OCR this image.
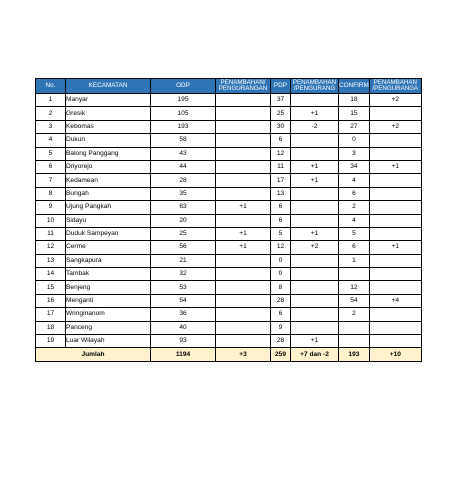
No.	KECAMATAN	ODP	PENAMBAHAN/ PENGURANGAN	PDP	PENAMBAHAN /PENGURANG	CONFIRM	PENAMBAHAN /PENGURANGA
1	Manyar	195		37		18	+2
2	Gresik	105		25	+1	15	
3	Kebomas	193		30	-2	27	+2
4	Dukun	58		6		0	
5	Balong Panggang	43		12		3	
6	Driyorejo	44		11	+1	34	+1
7	Kedamean	28		17	+1	4	
8	Bungah	35		13		6	
9	Ujung Pangkah	63	+1	6		2	
10	Sidayu	20		6		4	
11	Duduk Sampeyan	25	+1	5	+1	5	
12	Cerme	56	+1	12	+2	6	+1
13	Sangkapura	21		0		1	
14	Tambak	32		0			
15	Benjeng	53		8		12	
16	Menganti	54		28		54	+4
17	Wringinanom	36		6		2	
18	Panceng	40		9			
19	Luar Wilayah	93		28	+1		
Jumlah		1194	+3	259	+7 dan -2	193	+10
